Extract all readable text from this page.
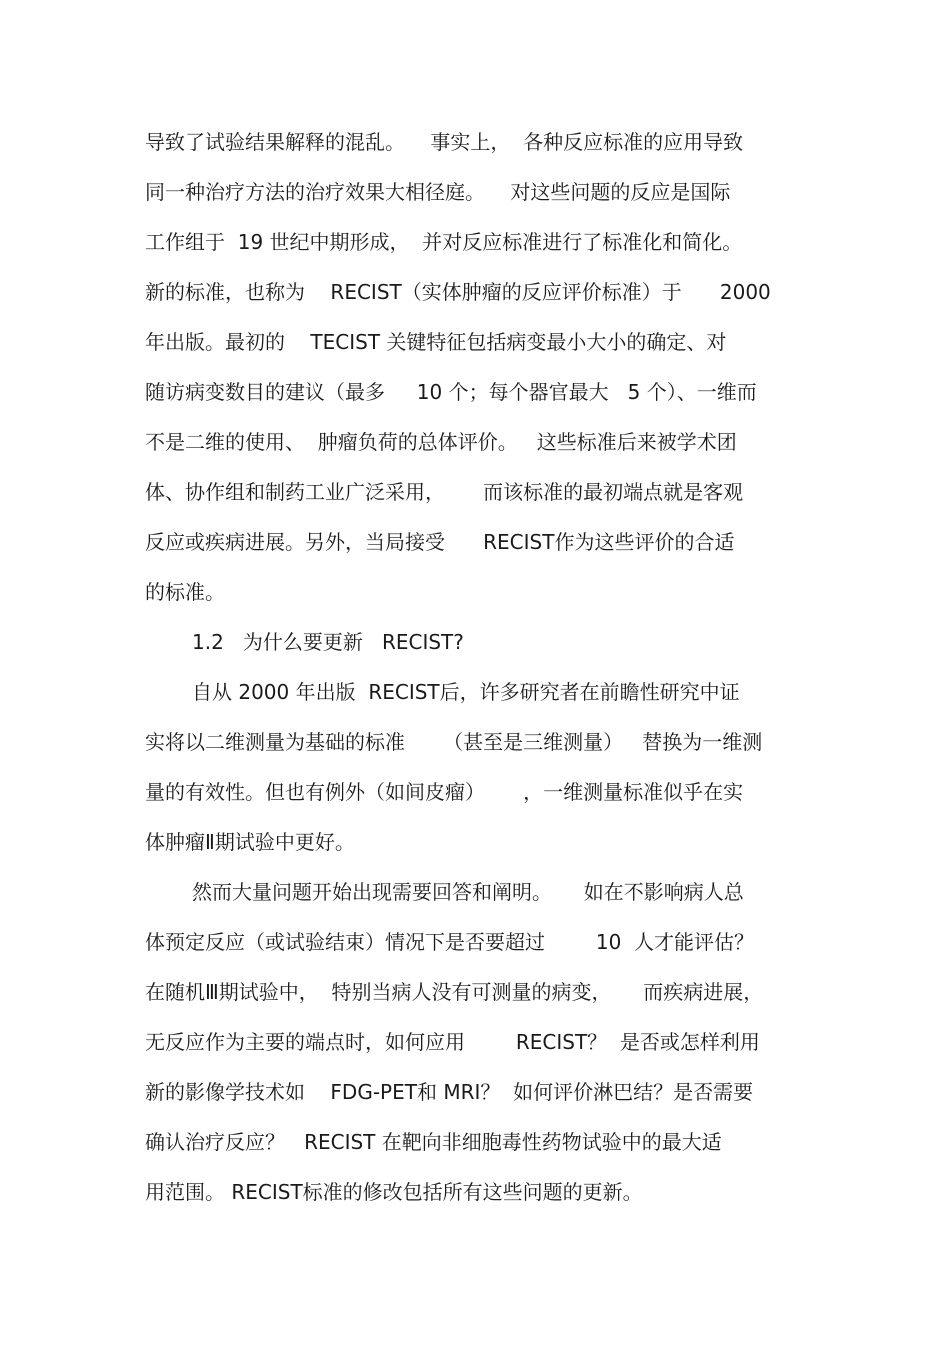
导致了试验结果解释的混乱。    事实上，  各种反应标准的应用导致
同一种治疗方法的治疗效果大相径庭。    对这些问题的反应是国际
工作组于  19 世纪中期形成，  并对反应标准进行了标准化和简化。
新的标准，也称为    RECIST（实体肿瘤的反应评价标准）于      2000
年出版。最初的    TECIST 关键特征包括病变最小大小的确定、对
随访病变数目的建议（最多     10 个；每个器官最大   5 个）、一维而
不是二维的使用、  肿瘤负荷的总体评价。   这些标准后来被学术团
体、协作组和制药工业广泛采用，      而该标准的最初端点就是客观
反应或疾病进展。另外，当局接受      RECIST作为这些评价的合适
的标准。
1.2   为什么要更新   RECIST?
自从 2000 年出版  RECIST后，许多研究者在前瞻性研究中证
实将以二维测量为基础的标准      （甚至是三维测量）   替换为一维测
量的有效性。但也有例外（如间皮瘤）      ，一维测量标准似乎在实
体肿瘤Ⅱ期试验中更好。
然而大量问题开始出现需要回答和阐明。     如在不影响病人总
体预定反应（或试验结束）情况下是否要超过        10  人才能评估？
在随机Ⅲ期试验中，  特别当病人没有可测量的病变，     而疾病进展，
无反应作为主要的端点时，如何应用        RECIST？  是否或怎样利用
新的影像学技术如    FDG-PET和 MRI？  如何评价淋巴结？是否需要
确认治疗反应？   RECIST 在靶向非细胞毒性药物试验中的最大适
用范围。 RECIST标准的修改包括所有这些问题的更新。
